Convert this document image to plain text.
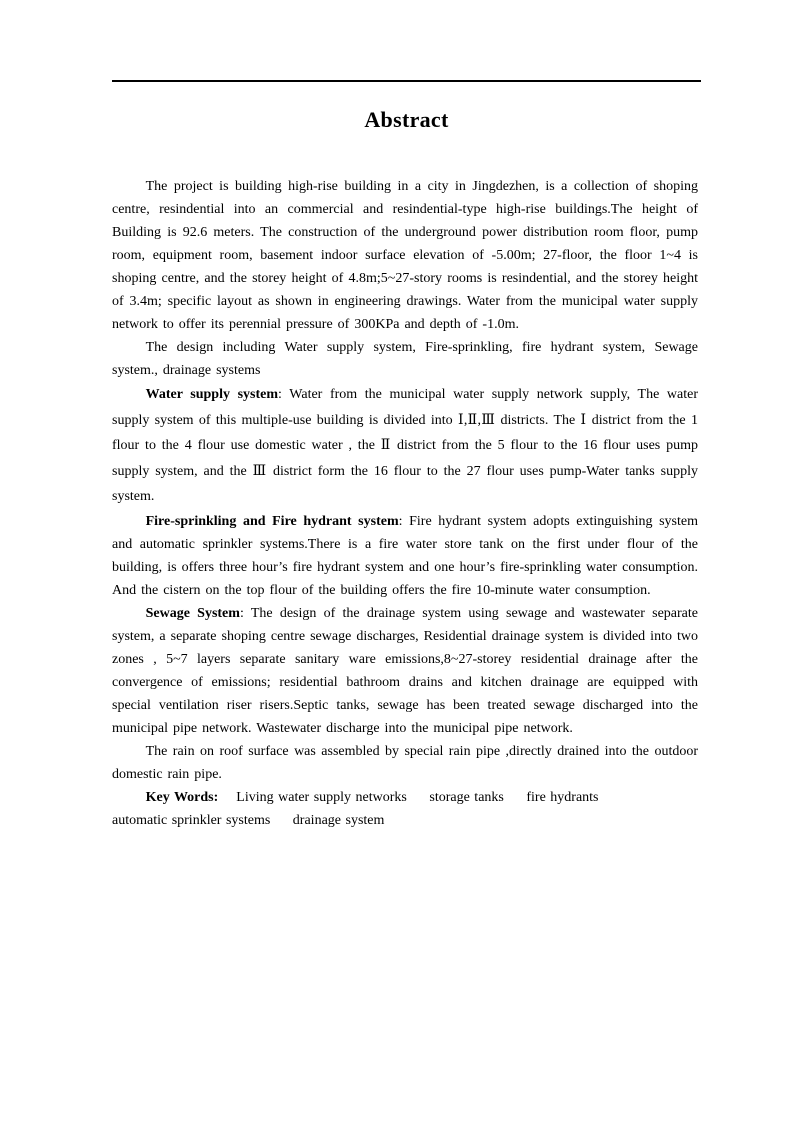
Abstract

The project is building high-rise building in a city in Jingdezhen, is a collection of shoping centre, resindential into an commercial and resindential-type high-rise buildings.The height of Building is 92.6 meters. The construction of the underground power distribution room floor, pump room, equipment room, basement indoor surface elevation of -5.00m; 27-floor, the floor 1~4 is shoping centre, and the storey height of 4.8m;5~27-story rooms is resindential, and the storey height of 3.4m; specific layout as shown in engineering drawings. Water from the municipal water supply network to offer its perennial pressure of 300KPa and depth of -1.0m.

The design including Water supply system, Fire-sprinkling, fire hydrant system, Sewage system., drainage systems

Water supply system: Water from the municipal water supply network supply, The water supply system of this multiple-use building is divided into Ⅰ,Ⅱ,Ⅲ districts. The Ⅰ district from the 1 flour to the 4 flour use domestic water , the Ⅱ district from the 5 flour to the 16 flour uses pump supply system, and the Ⅲ district form the 16 flour to the 27 flour uses pump-Water tanks supply system.

Fire-sprinkling and Fire hydrant system: Fire hydrant system adopts extinguishing system and automatic sprinkler systems.There is a fire water store tank on the first under flour of the building, is offers three hour’s fire hydrant system and one hour’s fire-sprinkling water consumption. And the cistern on the top flour of the building offers the fire 10-minute water consumption.

Sewage System: The design of the drainage system using sewage and wastewater separate system, a separate shoping centre sewage discharges, Residential drainage system is divided into two zones , 5~7 layers separate sanitary ware emissions,8~27-storey residential drainage after the convergence of emissions; residential bathroom drains and kitchen drainage are equipped with special ventilation riser risers.Septic tanks, sewage has been treated sewage discharged into the municipal pipe network. Wastewater discharge into the municipal pipe network.

The rain on roof surface was assembled by special rain pipe ,directly drained into the outdoor domestic rain pipe.

Key Words: Living water supply networks     storage tanks     fire hydrants

automatic sprinkler systems     drainage system
